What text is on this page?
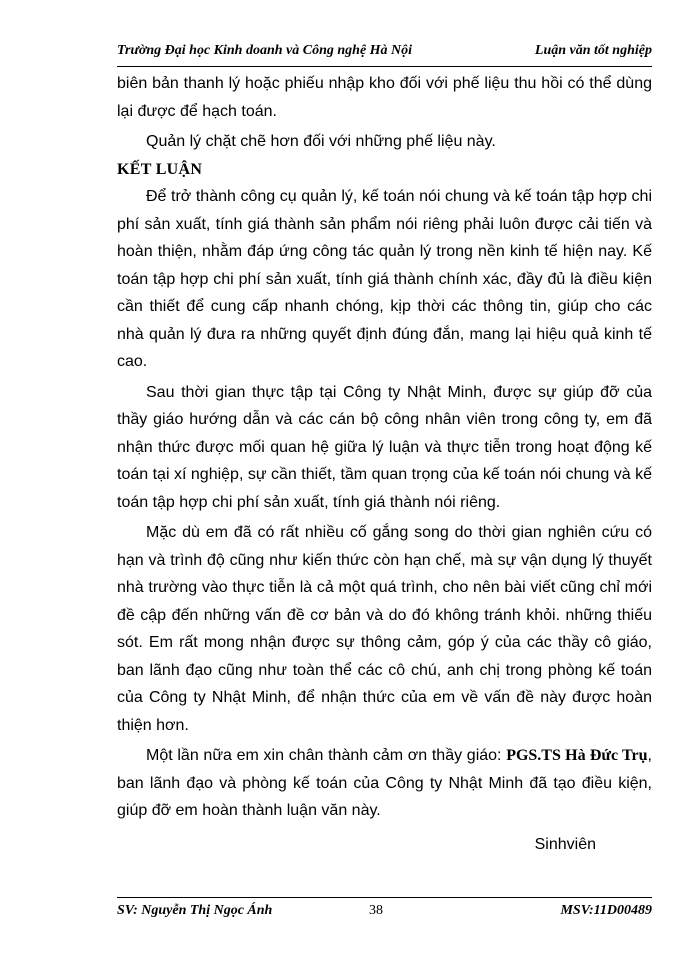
Trường Đại học Kinh doanh và Công nghệ Hà Nội	Luận văn tốt nghiệp

biên bản thanh lý hoặc phiếu nhập kho đối với phế liệu thu hồi có thể dùng lại được để hạch toán.

Quản lý chặt chẽ hơn đối với những phế liệu này.

KẾT LUẬN

Để trở thành công cụ quản lý, kế toán nói chung và kế toán tập hợp chi phí sản xuất, tính giá thành sản phẩm nói riêng phải luôn được cải tiến và hoàn thiện, nhằm đáp ứng công tác quản lý trong nền kinh tế hiện nay. Kế toán tập hợp chi phí sản xuất, tính giá thành chính xác, đầy đủ là điều kiện cần thiết để cung cấp nhanh chóng, kịp thời các thông tin, giúp cho các nhà quản lý đưa ra những quyết định đúng đắn, mang lại hiệu quả kinh tế cao.

Sau thời gian thực tập tại Công ty Nhật Minh, được sự giúp đỡ của thầy giáo hướng dẫn và các cán bộ công nhân viên trong công ty, em đã nhận thức được mối quan hệ giữa lý luận và thực tiễn trong hoạt động kế toán tại xí nghiệp, sự cần thiết, tầm quan trọng của kế toán nói chung và kế toán tập hợp chi phí sản xuất, tính giá thành nói riêng.

Mặc dù em đã có rất nhiều cố gắng song do thời gian nghiên cứu có hạn và trình độ cũng như kiến thức còn hạn chế, mà sự vận dụng lý thuyết nhà trường vào thực tiễn là cả một quá trình, cho nên bài viết cũng chỉ mới đề cập đến những vấn đề cơ bản và do đó không tránh khỏi. những thiếu sót. Em rất mong nhận được sự thông cảm, góp ý của các thầy cô giáo, ban lãnh đạo cũng như toàn thể các cô chú, anh chị trong phòng kế toán của Công ty Nhật Minh, để nhận thức của em về vấn đề này được hoàn thiện hơn.

Một lần nữa em xin chân thành cảm ơn thầy giáo: PGS.TS Hà Đức Trụ, ban lãnh đạo và phòng kế toán của Công ty Nhật Minh đã tạo điều kiện, giúp đỡ em hoàn thành luận văn này.

Sinhviên

SV: Nguyễn Thị Ngọc Ánh	38	MSV:11D00489
